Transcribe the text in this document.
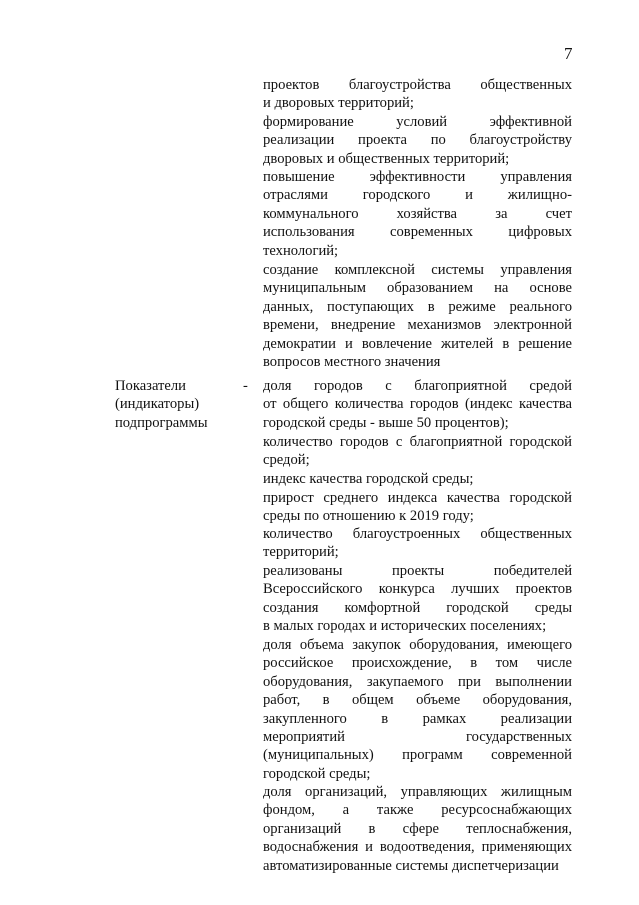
7
Показатели
(индикаторы)
подпрограммы
-
проектов благоустройства общественных
и дворовых территорий;
формирование условий эффективной
реализации проекта по благоустройству
дворовых и общественных территорий;
повышение эффективности управления
отраслями городского и жилищно-
коммунального хозяйства за счет
использования современных цифровых
технологий;
создание комплексной системы управления
муниципальным образованием на основе
данных, поступающих в режиме реального
времени, внедрение механизмов электронной
демократии и вовлечение жителей в решение
вопросов местного значения
доля городов с благоприятной средой
от общего количества городов (индекс качества
городской среды - выше 50 процентов);
количество городов с благоприятной городской
средой;
индекс качества городской среды;
прирост среднего индекса качества городской
среды по отношению к 2019 году;
количество благоустроенных общественных
территорий;
реализованы проекты победителей
Всероссийского конкурса лучших проектов
создания комфортной городской среды
в малых городах и исторических поселениях;
доля объема закупок оборудования, имеющего
российское происхождение, в том числе
оборудования, закупаемого при выполнении
работ, в общем объеме оборудования,
закупленного в рамках реализации
мероприятий государственных
(муниципальных) программ современной
городской среды;
доля организаций, управляющих жилищным
фондом, а также ресурсоснабжающих
организаций в сфере теплоснабжения,
водоснабжения и водоотведения, применяющих
автоматизированные системы диспетчеризации
